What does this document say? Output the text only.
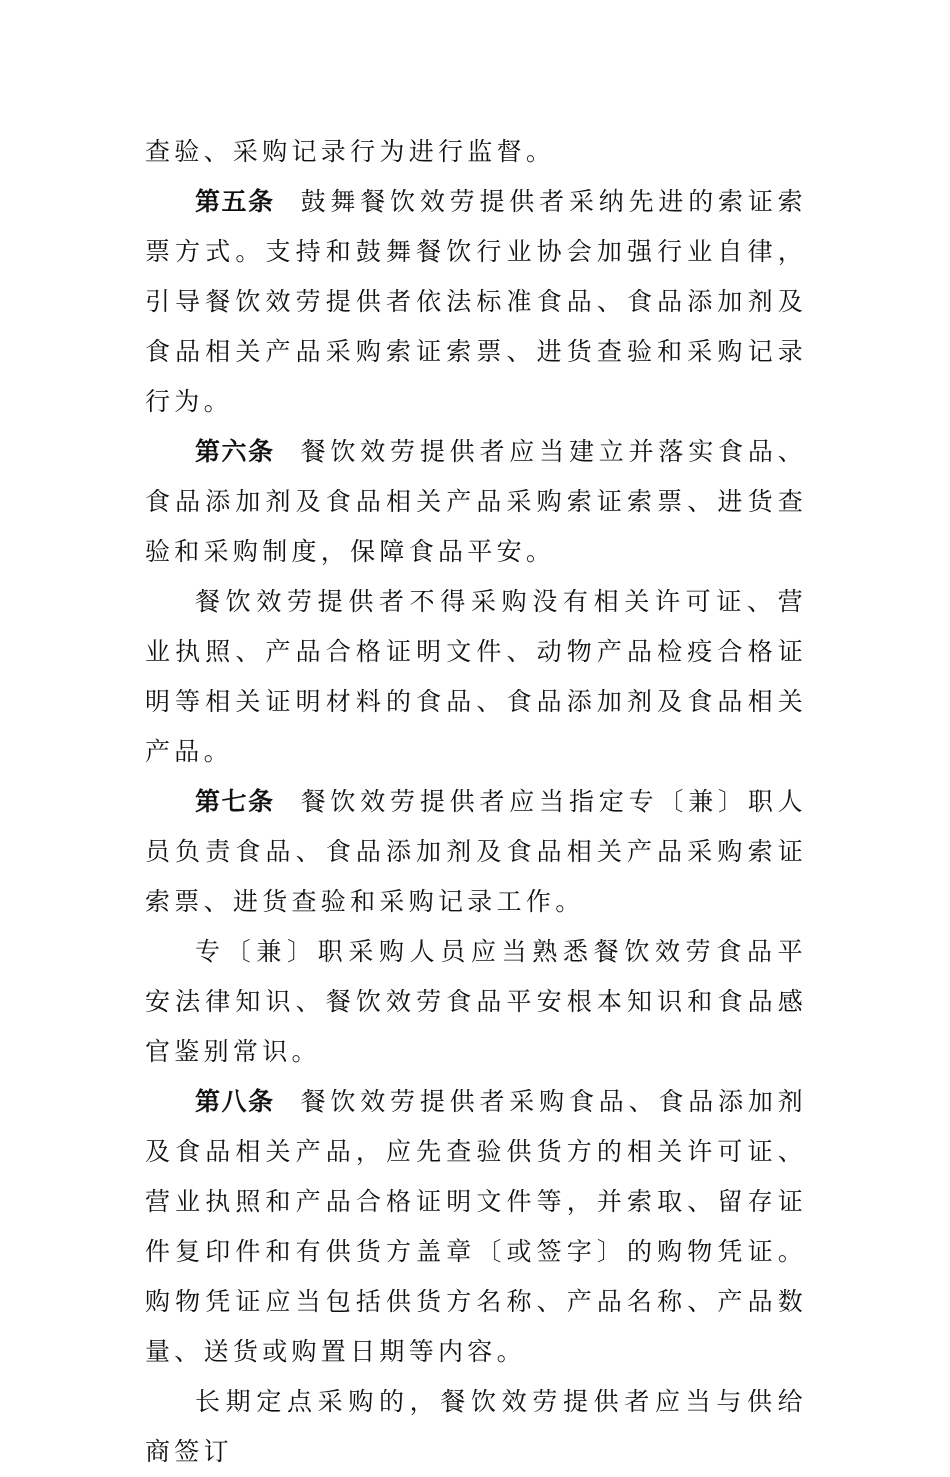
查验、采购记录行为进行监督。

第五条 鼓舞餐饮效劳提供者采纳先进的索证索票方式。支持和鼓舞餐饮行业协会加强行业自律，引导餐饮效劳提供者依法标准食品、食品添加剂及食品相关产品采购索证索票、进货查验和采购记录行为。

第六条 餐饮效劳提供者应当建立并落实食品、食品添加剂及食品相关产品采购索证索票、进货查验和采购制度，保障食品平安。

餐饮效劳提供者不得采购没有相关许可证、营业执照、产品合格证明文件、动物产品检疫合格证明等相关证明材料的食品、食品添加剂及食品相关产品。

第七条 餐饮效劳提供者应当指定专〔兼〕职人员负责食品、食品添加剂及食品相关产品采购索证索票、进货查验和采购记录工作。

专〔兼〕职采购人员应当熟悉餐饮效劳食品平安法律知识、餐饮效劳食品平安根本知识和食品感官鉴别常识。

第八条 餐饮效劳提供者采购食品、食品添加剂及食品相关产品，应先查验供货方的相关许可证、营业执照和产品合格证明文件等，并索取、留存证件复印件和有供货方盖章〔或签字〕的购物凭证。购物凭证应当包括供货方名称、产品名称、产品数量、送货或购置日期等内容。

长期定点采购的，餐饮效劳提供者应当与供给商签订
